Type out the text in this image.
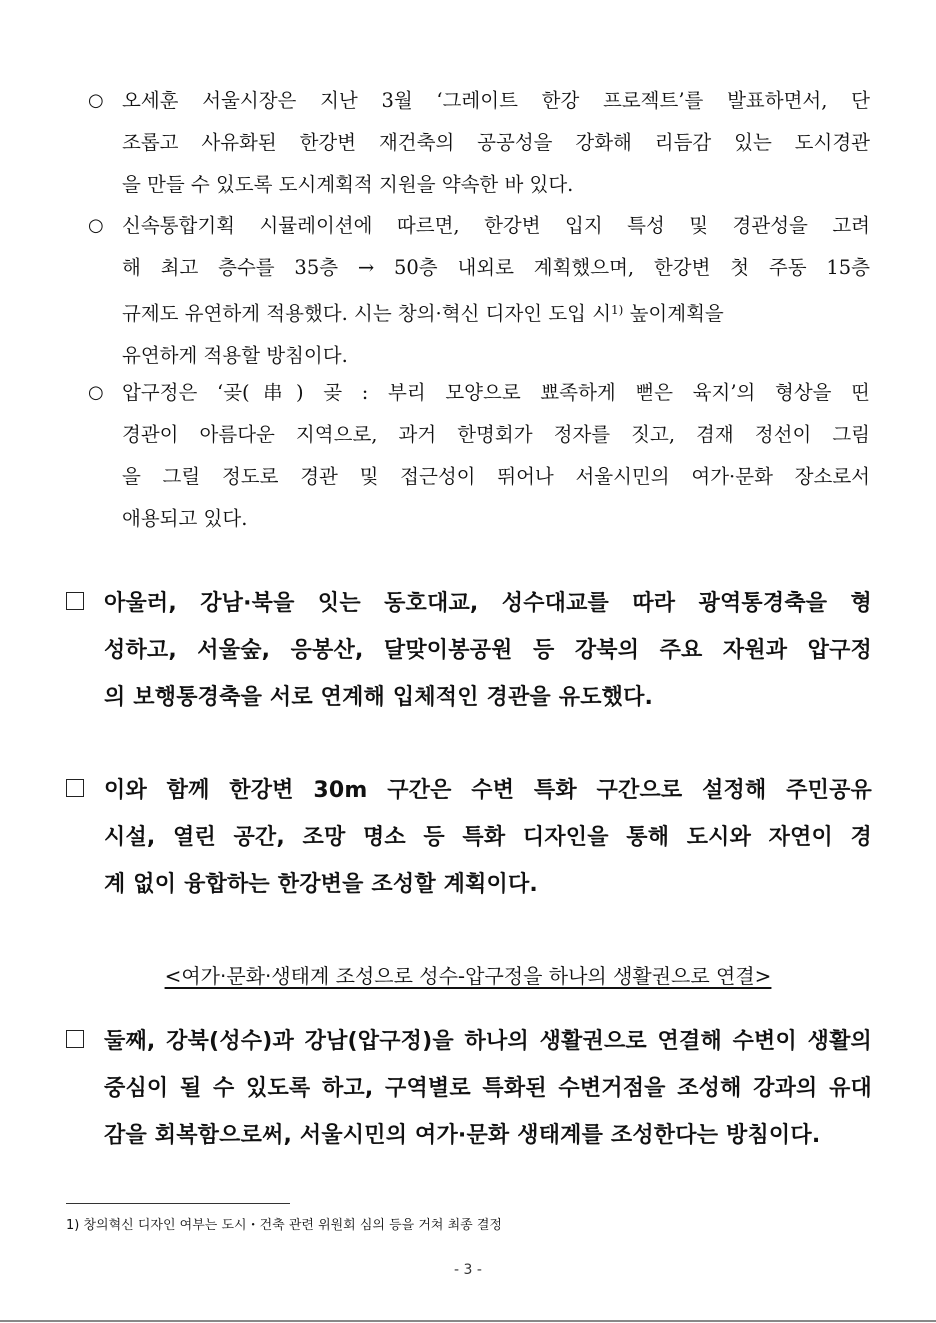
○ 오세훈 서울시장은 지난 3월 ‘그레이트 한강 프로젝트’를 발표하면서, 단
조롭고 사유화된 한강변 재건축의 공공성을 강화해 리듬감 있는 도시경관
을 만들 수 있도록 도시계획적 지원을 약속한 바 있다.
○ 신속통합기획 시뮬레이션에 따르면, 한강변 입지 특성 및 경관성을 고려
해 최고 층수를 35층 → 50층 내외로 계획했으며, 한강변 첫 주동 15층
규제도 유연하게 적용했다. 시는 창의·혁신 디자인 도입 시$^{1)}$ 높이계획을
유연하게 적용할 방침이다.
○ 압구정은 ‘곶(串) 곶 : 부리 모양으로 뾰족하게 뻗은 육지’의 형상을 띤
경관이 아름다운 지역으로, 과거 한명회가 정자를 짓고, 겸재 정선이 그림
을 그릴 정도로 경관 및 접근성이 뛰어나 서울시민의 여가·문화 장소로서
애용되고 있다.
아울러, 강남·북을 잇는 동호대교, 성수대교를 따라 광역통경축을 형
성하고, 서울숲, 응봉산, 달맞이봉공원 등 강북의 주요 자원과 압구정
의 보행통경축을 서로 연계해 입체적인 경관을 유도했다.
이와 함께 한강변 30m 구간은 수변 특화 구간으로 설정해 주민공유
시설, 열린 공간, 조망 명소 등 특화 디자인을 통해 도시와 자연이 경
계 없이 융합하는 한강변을 조성할 계획이다.
<여가·문화·생태계 조성으로 성수-압구정을 하나의 생활권으로 연결>
둘째, 강북(성수)과 강남(압구정)을 하나의 생활권으로 연결해 수변이 생활의
중심이 될 수 있도록 하고, 구역별로 특화된 수변거점을 조성해 강과의 유대
감을 회복함으로써, 서울시민의 여가·문화 생태계를 조성한다는 방침이다.
1) 창의혁신 디자인 여부는 도시・건축 관련 위원회 심의 등을 거쳐 최종 결정
- 3 -
